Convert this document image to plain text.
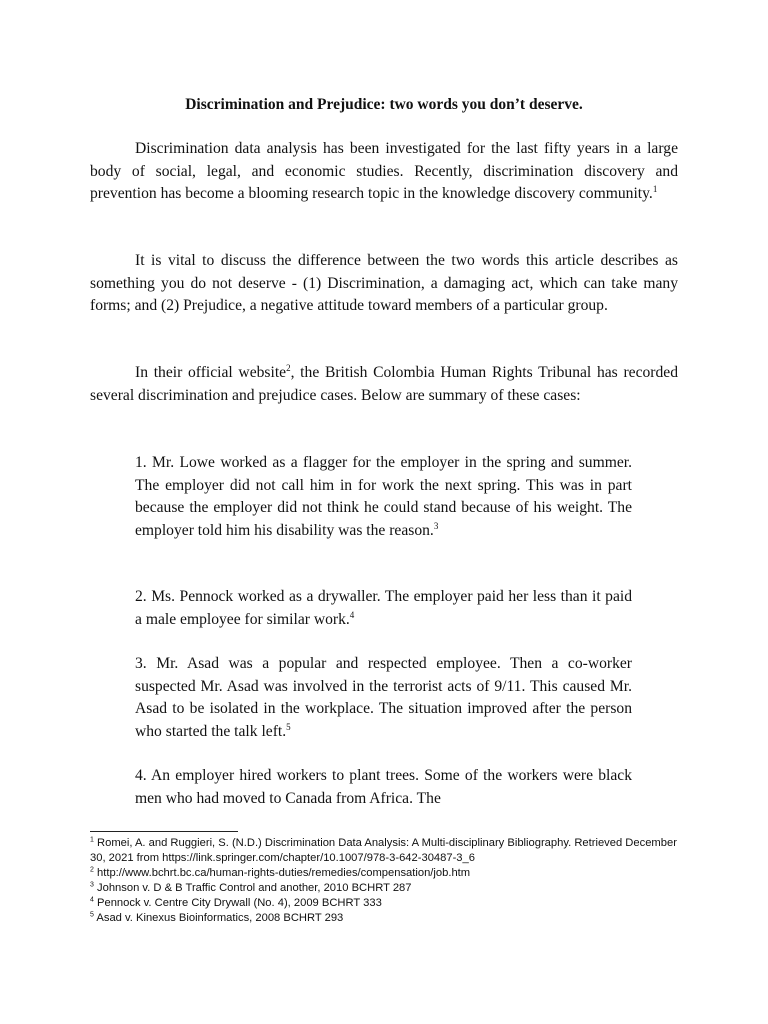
Discrimination and Prejudice: two words you don’t deserve.

Discrimination data analysis has been investigated for the last fifty years in a large body of social, legal, and economic studies. Recently, discrimination discovery and prevention has become a blooming research topic in the knowledge discovery community.$^1$

It is vital to discuss the difference between the two words this article describes as something you do not deserve - (1) Discrimination, a damaging act, which can take many forms; and (2) Prejudice, a negative attitude toward members of a particular group.

In their official website$^2$, the British Colombia Human Rights Tribunal has recorded several discrimination and prejudice cases. Below are summary of these cases:

1. Mr. Lowe worked as a flagger for the employer in the spring and summer. The employer did not call him in for work the next spring. This was in part because the employer did not think he could stand because of his weight. The employer told him his disability was the reason.$^3$

2. Ms. Pennock worked as a drywaller. The employer paid her less than it paid a male employee for similar work.$^4$

3. Mr. Asad was a popular and respected employee. Then a co-worker suspected Mr. Asad was involved in the terrorist acts of 9/11. This caused Mr. Asad to be isolated in the workplace. The situation improved after the person who started the talk left.$^5$

4. An employer hired workers to plant trees. Some of the workers were black men who had moved to Canada from Africa. The

$^1$ Romei, A. and Ruggieri, S. (N.D.) Discrimination Data Analysis: A Multi-disciplinary Bibliography. Retrieved December 30, 2021 from https://link.springer.com/chapter/10.1007/978-3-642-30487-3_6
$^2$ http://www.bchrt.bc.ca/human-rights-duties/remedies/compensation/job.htm
$^3$ Johnson v. D & B Traffic Control and another, 2010 BCHRT 287
$^4$ Pennock v. Centre City Drywall (No. 4), 2009 BCHRT 333
$^5$ Asad v. Kinexus Bioinformatics, 2008 BCHRT 293
